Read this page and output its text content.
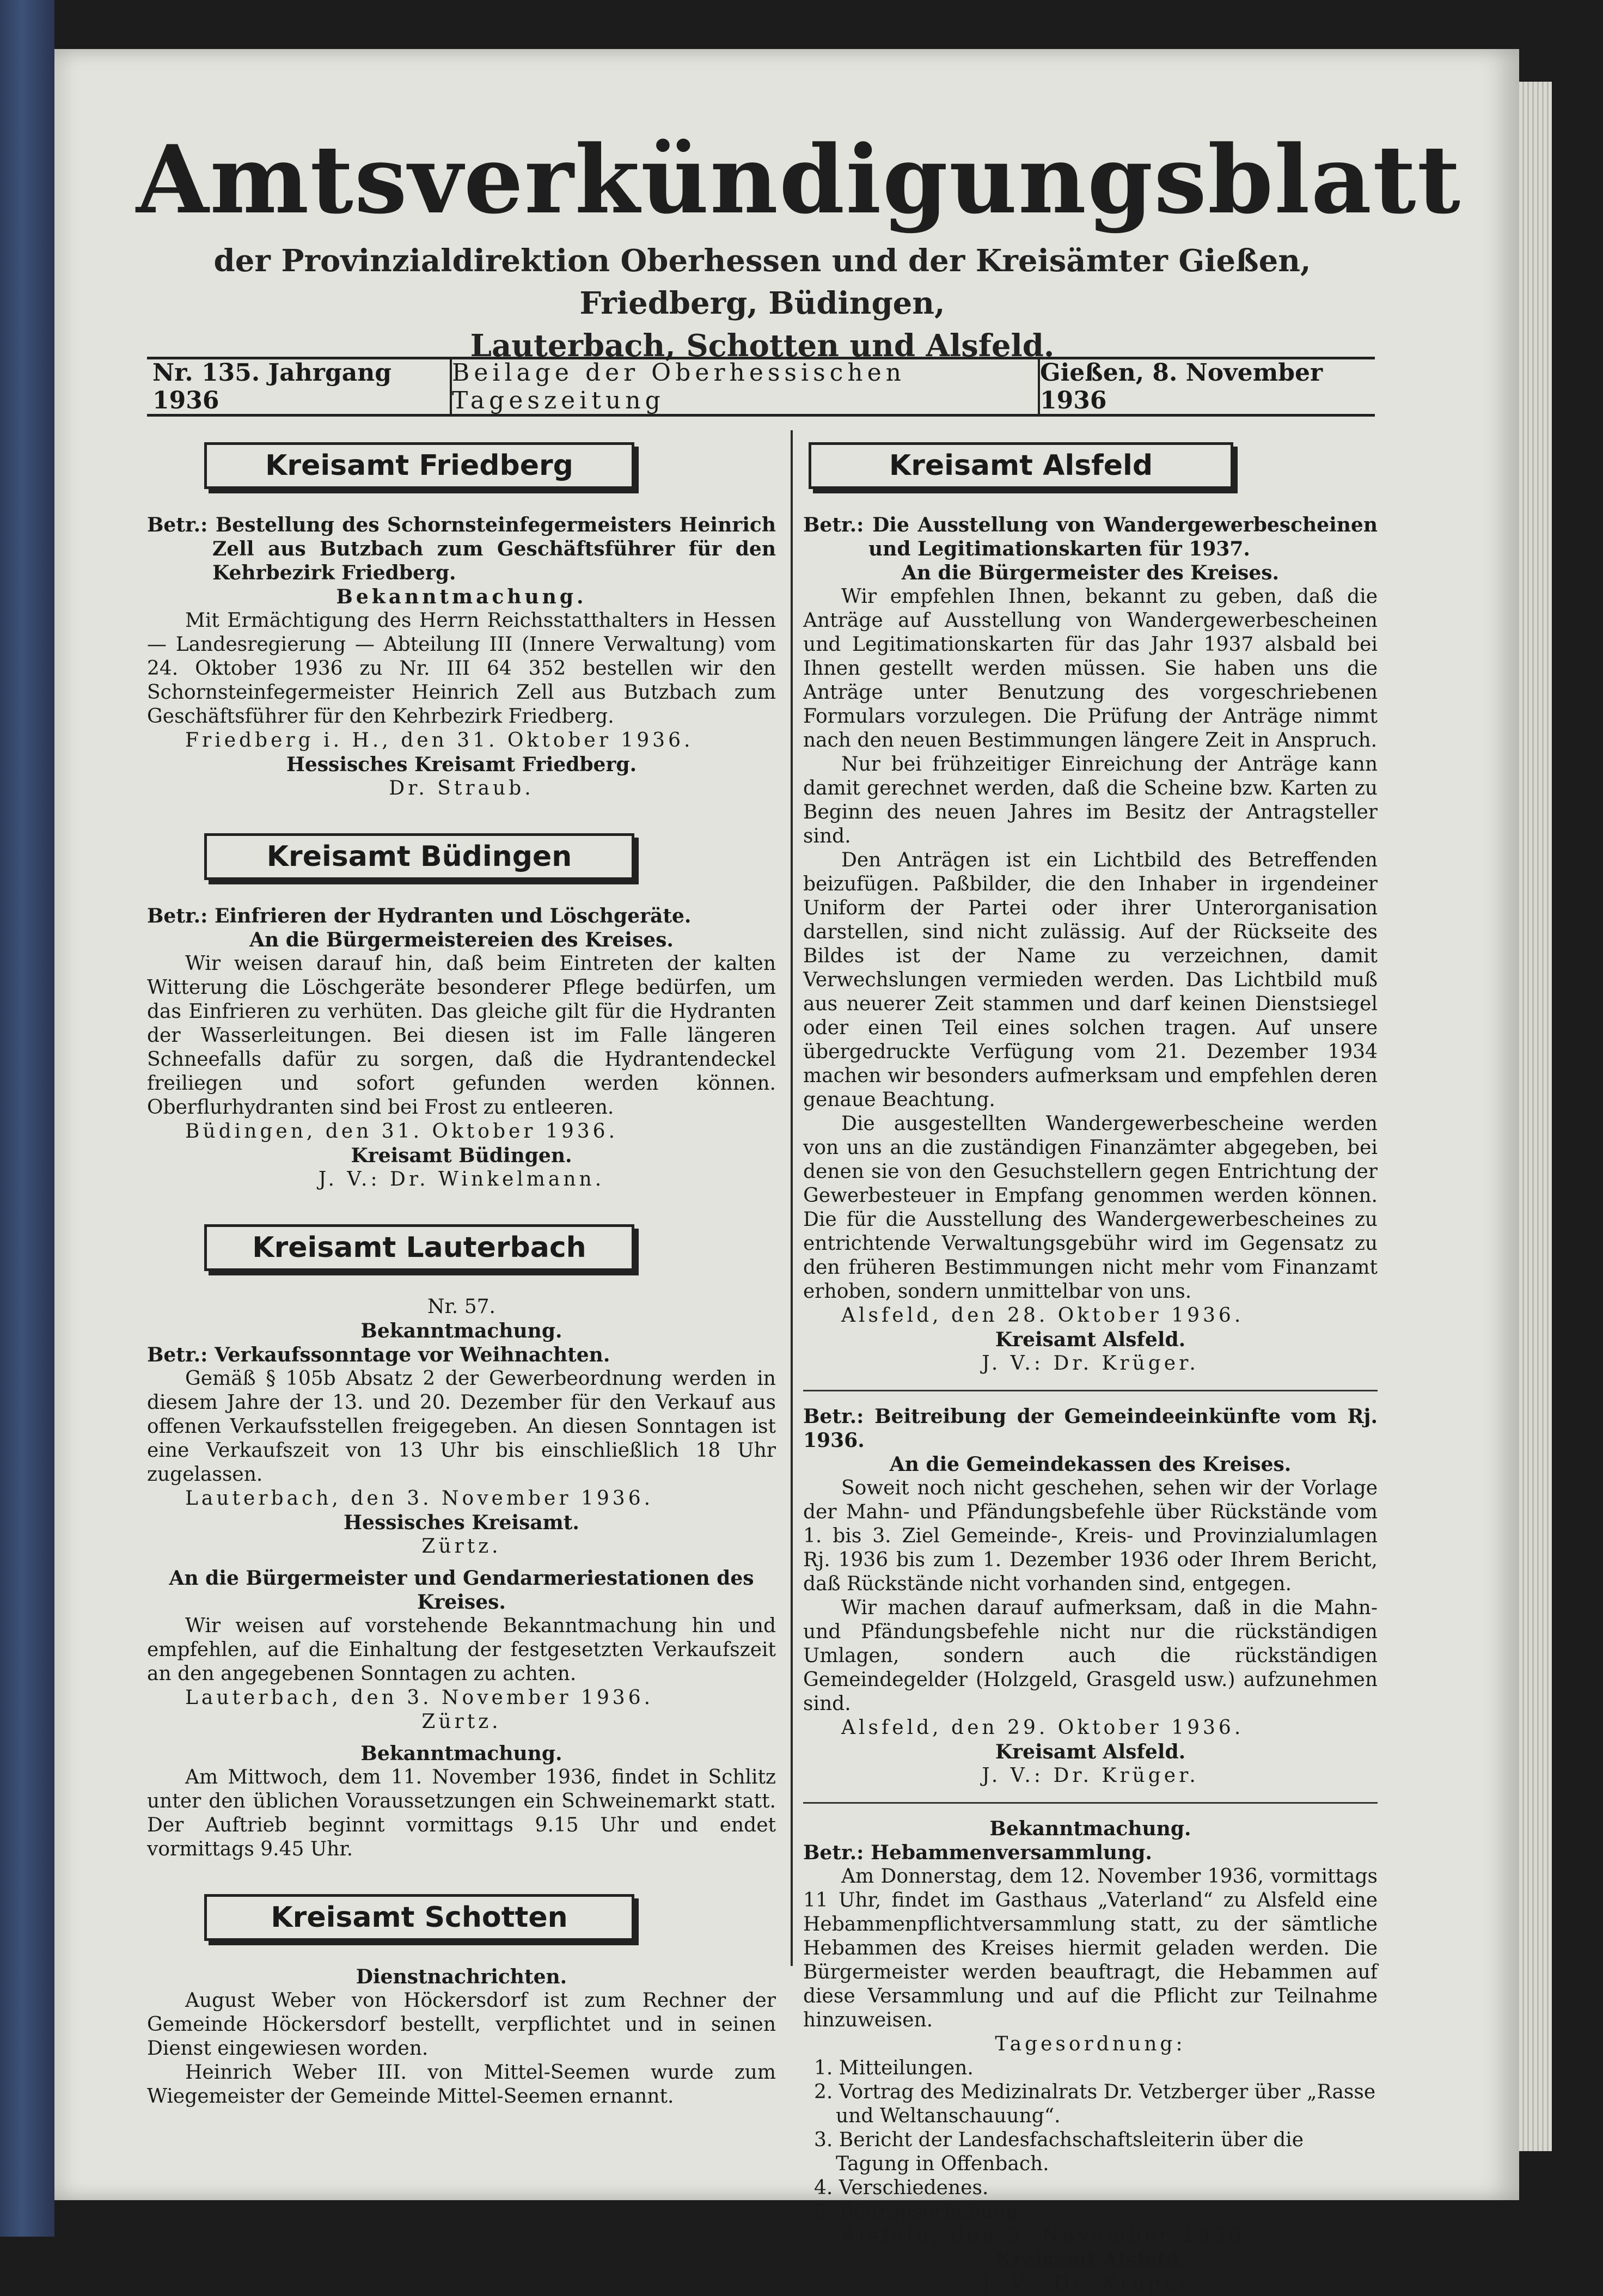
Amtsverkündigungsblatt
der Provinzialdirektion Oberhessen und der Kreisämter Gießen, Friedberg, Büdingen,
Lauterbach, Schotten und Alsfeld.
Nr. 135. Jahrgang 1936
Beilage der Oberhessischen Tageszeitung
Gießen, 8. November 1936
Kreisamt Friedberg

Betr.: Bestellung des Schornsteinfegermeisters Heinrich Zell aus Butzbach zum Geschäftsführer für den Kehrbezirk Friedberg.

Bekanntmachung.

Mit Ermächtigung des Herrn Reichsstatthalters in Hessen — Landesregierung — Abteilung III (Innere Verwaltung) vom 24. Oktober 1936 zu Nr. III 64 352 bestellen wir den Schornsteinfegermeister Heinrich Zell aus Butzbach zum Geschäftsführer für den Kehrbezirk Friedberg.

Friedberg i. H., den 31. Oktober 1936.

Hessisches Kreisamt Friedberg.

Dr. Straub.

Kreisamt Büdingen

Betr.: Einfrieren der Hydranten und Löschgeräte.

An die Bürgermeistereien des Kreises.

Wir weisen darauf hin, daß beim Eintreten der kalten Witterung die Löschgeräte besonderer Pflege bedürfen, um das Einfrieren zu verhüten. Das gleiche gilt für die Hydranten der Wasserleitungen. Bei diesen ist im Falle längeren Schneefalls dafür zu sorgen, daß die Hydrantendeckel freiliegen und sofort gefunden werden können. Oberflurhydranten sind bei Frost zu entleeren.

Büdingen, den 31. Oktober 1936.

Kreisamt Büdingen.

J. V.: Dr. Winkelmann.

Kreisamt Lauterbach

Nr. 57.

Bekanntmachung.

Betr.: Verkaufssonntage vor Weihnachten.

Gemäß § 105b Absatz 2 der Gewerbeordnung werden in diesem Jahre der 13. und 20. Dezember für den Verkauf aus offenen Verkaufsstellen freigegeben. An diesen Sonntagen ist eine Verkaufszeit von 13 Uhr bis einschließlich 18 Uhr zugelassen.

Lauterbach, den 3. November 1936.

Hessisches Kreisamt.

Zürtz.

An die Bürgermeister und Gendarmeriestationen des Kreises.

Wir weisen auf vorstehende Bekanntmachung hin und empfehlen, auf die Einhaltung der festgesetzten Verkaufszeit an den angegebenen Sonntagen zu achten.

Lauterbach, den 3. November 1936.

Zürtz.

Bekanntmachung.

Am Mittwoch, dem 11. November 1936, findet in Schlitz unter den üblichen Voraussetzungen ein Schweinemarkt statt. Der Auftrieb beginnt vormittags 9.15 Uhr und endet vormittags 9.45 Uhr.

Kreisamt Schotten

Dienstnachrichten.

August Weber von Höckersdorf ist zum Rechner der Gemeinde Höckersdorf bestellt, verpflichtet und in seinen Dienst eingewiesen worden.

Heinrich Weber III. von Mittel-Seemen wurde zum Wiegemeister der Gemeinde Mittel-Seemen ernannt.

Kreisamt Alsfeld

Betr.: Die Ausstellung von Wandergewerbescheinen und Legitimationskarten für 1937.

An die Bürgermeister des Kreises.

Wir empfehlen Ihnen, bekannt zu geben, daß die Anträge auf Ausstellung von Wandergewerbescheinen und Legitimationskarten für das Jahr 1937 alsbald bei Ihnen gestellt werden müssen. Sie haben uns die Anträge unter Benutzung des vorgeschriebenen Formulars vorzulegen. Die Prüfung der Anträge nimmt nach den neuen Bestimmungen längere Zeit in Anspruch.

Nur bei frühzeitiger Einreichung der Anträge kann damit gerechnet werden, daß die Scheine bzw. Karten zu Beginn des neuen Jahres im Besitz der Antragsteller sind.

Den Anträgen ist ein Lichtbild des Betreffenden beizufügen. Paßbilder, die den Inhaber in irgendeiner Uniform der Partei oder ihrer Unterorganisation darstellen, sind nicht zulässig. Auf der Rückseite des Bildes ist der Name zu verzeichnen, damit Verwechslungen vermieden werden. Das Lichtbild muß aus neuerer Zeit stammen und darf keinen Dienstsiegel oder einen Teil eines solchen tragen. Auf unsere übergedruckte Verfügung vom 21. Dezember 1934 machen wir besonders aufmerksam und empfehlen deren genaue Beachtung.

Die ausgestellten Wandergewerbescheine werden von uns an die zuständigen Finanzämter abgegeben, bei denen sie von den Gesuchstellern gegen Entrichtung der Gewerbesteuer in Empfang genommen werden können. Die für die Ausstellung des Wandergewerbescheines zu entrichtende Verwaltungsgebühr wird im Gegensatz zu den früheren Bestimmungen nicht mehr vom Finanzamt erhoben, sondern unmittelbar von uns.

Alsfeld, den 28. Oktober 1936.

Kreisamt Alsfeld.

J. V.: Dr. Krüger.

Betr.: Beitreibung der Gemeindeeinkünfte vom Rj. 1936.

An die Gemeindekassen des Kreises.

Soweit noch nicht geschehen, sehen wir der Vorlage der Mahn- und Pfändungsbefehle über Rückstände vom 1. bis 3. Ziel Gemeinde-, Kreis- und Provinzialumlagen Rj. 1936 bis zum 1. Dezember 1936 oder Ihrem Bericht, daß Rückstände nicht vorhanden sind, entgegen.

Wir machen darauf aufmerksam, daß in die Mahn- und Pfändungsbefehle nicht nur die rückständigen Umlagen, sondern auch die rückständigen Gemeindegelder (Holzgeld, Grasgeld usw.) aufzunehmen sind.

Alsfeld, den 29. Oktober 1936.

Kreisamt Alsfeld.

J. V.: Dr. Krüger.

Bekanntmachung.

Betr.: Hebammenversammlung.

Am Donnerstag, dem 12. November 1936, vormittags 11 Uhr, findet im Gasthaus „Vaterland“ zu Alsfeld eine Hebammenpflichtversammlung statt, zu der sämtliche Hebammen des Kreises hiermit geladen werden. Die Bürgermeister werden beauftragt, die Hebammen auf diese Versammlung und auf die Pflicht zur Teilnahme hinzuweisen.

Tagesordnung:

1. Mitteilungen.
2. Vortrag des Medizinalrats Dr. Vetzberger über „Rasse und Weltanschauung“.
3. Bericht der Landesfachschaftsleiterin über die Tagung in Offenbach.
4. Verschiedenes.
5. Beitragserhebung.

Alsfeld, den 5. November 1936.

Kreisamt Alsfeld.

J. V.: Dr. Krüger.
